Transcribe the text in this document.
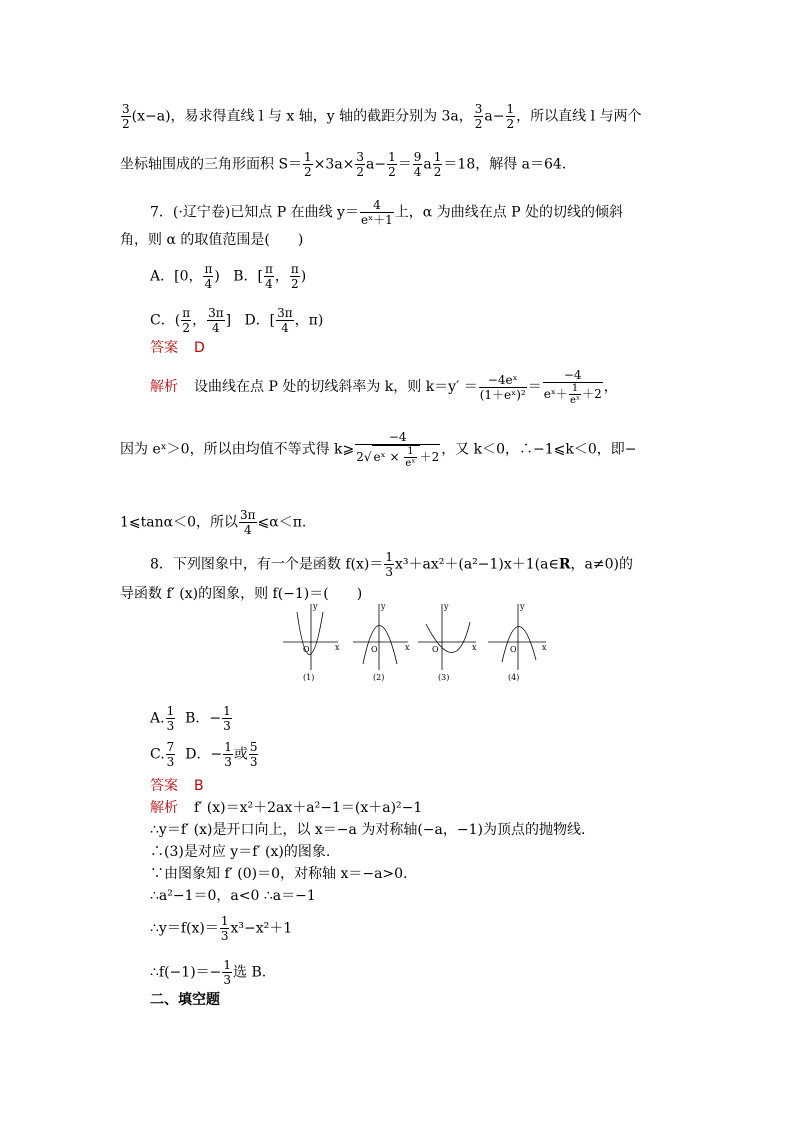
$\frac{3}{2} (x-a)$，易求得直线 l 与 x 轴，y 轴的截距分别为 3a， $\frac{3}{2} a- \frac{1}{2}$ ，所以直线 l 与两个
坐标轴围成的三角形面积 $S= \frac{1}{2} \times 3a\times \frac{3}{2} a- \frac{1}{2} = \frac{9}{4}$ a $\frac{1}{2} =18$，解得 a＝64.
7．(·辽宁卷)已知点 P 在曲线 $y= \frac{4}{\text{eˣ＋1}}$ 上，α 为曲线在点 P 处的切线的倾斜
角，则 α 的取值范围是(　　)
A．[0， $\frac{\pi}{4}$ ) B．[ $\frac{\pi}{4}$ ， $\frac{\pi}{2}$ )
C．( $\frac{\pi}{2}$ ， $\frac{3\pi}{4}$ ] D．[ $\frac{3\pi}{4}$ ，π)
答案 D
解析 设曲线在点 P 处的切线斜率为 k，则 $k=y' = \frac{\text{−4eˣ}}{\text{(1＋eˣ)²}} = \frac{-4}{eˣ+ \frac{1}{\text{eˣ}} +2}$ ，
因为 eˣ＞0，所以由均值不等式得 k⩾ $\frac{-4}{2√ eˣ \times \frac{1}{\text{eˣ}} +2}$ ，又 k＜0，∴−1⩽k＜0，即−
1⩽tanα＜0，所以 $\frac{3\pi}{4}$ ⩽α＜π.
8．下列图象中，有一个是函数 $f(x)= \frac{1}{3}$ x³＋ax²＋(a²−1)x＋1(a∈R，a≠0)的
导函数 f′ (x)的图象，则 f(−1)＝(　　)
y
x
O
(1)
y
x
O
(2)
y
x
O
(3)
y
x
O
(4)
A. $\frac{1}{3}$ B．− $\frac{1}{3}$
C. $\frac{7}{3}$ D．− $\frac{1}{3}$ 或 $\frac{5}{3}$
答案 B
解析 f′ (x)＝x²＋2ax＋a²−1＝(x＋a)²−1
∴y＝f′ (x)是开口向上，以 x＝−a 为对称轴(−a，−1)为顶点的抛物线.
∴(3)是对应 y＝f′ (x)的图象.
∵由图象知 f′ (0)＝0，对称轴 x＝−a>0.
∴a²−1＝0，a<0 ∴a＝−1
∴y＝f(x)＝ $\frac{1}{3} x^3-x^2+1$
∴f(−1)＝− $\frac{1}{3}$ 选 B.
二、填空题
